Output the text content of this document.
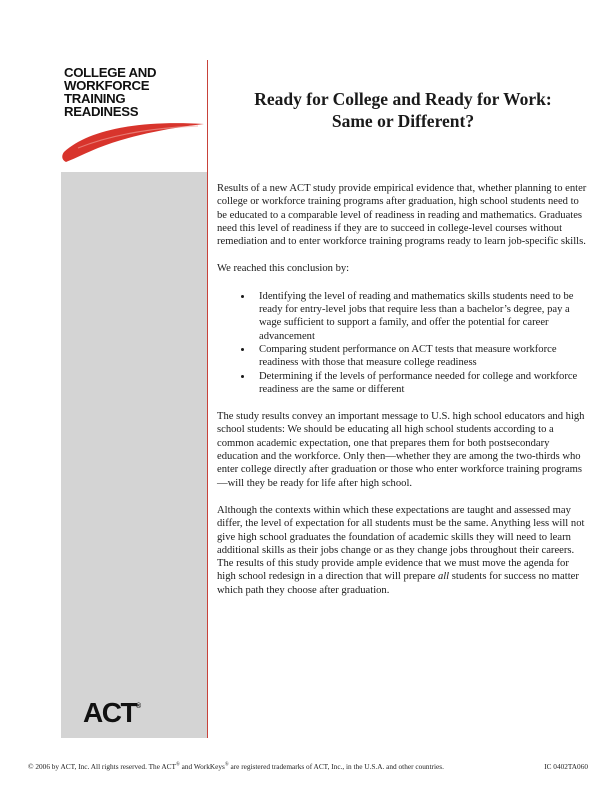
COLLEGE AND
WORKFORCE
TRAINING
READINESS
Ready for College and Ready for Work:
Same or Different?

Results of a new ACT study provide empirical evidence that, whether planning to enter college or workforce training programs after graduation, high school students need to be educated to a comparable level of readiness in reading and mathematics. Graduates need this level of readiness if they are to succeed in college-level courses without remediation and to enter workforce training programs ready to learn job-specific skills.

We reached this conclusion by:

• Identifying the level of reading and mathematics skills students need to be ready for entry-level jobs that require less than a bachelor’s degree, pay a wage sufficient to support a family, and offer the potential for career advancement
• Comparing student performance on ACT tests that measure workforce readiness with those that measure college readiness
• Determining if the levels of performance needed for college and workforce readiness are the same or different

The study results convey an important message to U.S. high school educators and high school students: We should be educating all high school students according to a common academic expectation, one that prepares them for both postsecondary education and the workforce. Only then—whether they are among the two-thirds who enter college directly after graduation or those who enter workforce training programs—will they be ready for life after high school.

Although the contexts within which these expectations are taught and assessed may differ, the level of expectation for all students must be the same. Anything less will not give high school graduates the foundation of academic skills they will need to learn additional skills as their jobs change or as they change jobs throughout their careers. The results of this study provide ample evidence that we must move the agenda for high school redesign in a direction that will prepare all students for success no matter which path they choose after graduation.

ACT®
© 2006 by ACT, Inc. All rights reserved. The ACT® and WorkKeys® are registered trademarks of ACT, Inc., in the U.S.A. and other countries.	IC 0402TA060
